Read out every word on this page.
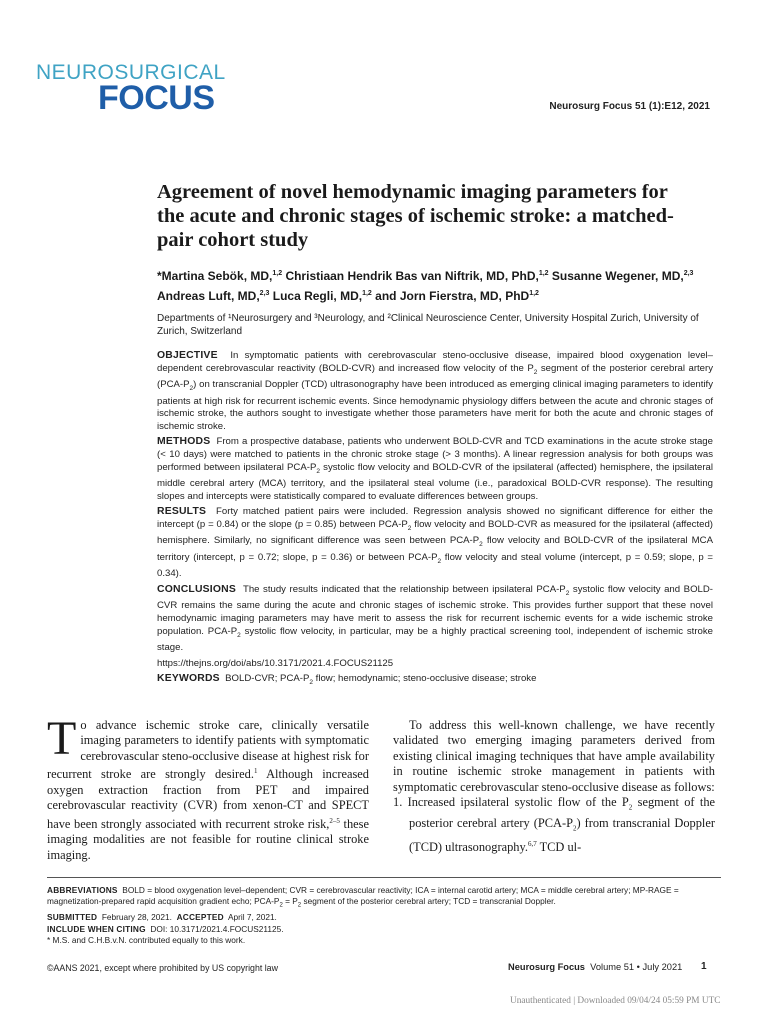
NEUROSURGICAL
FOCUS	Neurosurg Focus 51 (1):E12, 2021
Agreement of novel hemodynamic imaging parameters for the acute and chronic stages of ischemic stroke: a matched-pair cohort study
*Martina Sebök, MD,$^{1,2}$ Christiaan Hendrik Bas van Niftrik, MD, PhD,$^{1,2}$ Susanne Wegener, MD,$^{2,3}$
Andreas Luft, MD,$^{2,3}$ Luca Regli, MD,$^{1,2}$ and Jorn Fierstra, MD, PhD$^{1,2}$
Departments of ¹Neurosurgery and ³Neurology, and ²Clinical Neuroscience Center, University Hospital Zurich, University of Zurich, Switzerland

OBJECTIVE In symptomatic patients with cerebrovascular steno-occlusive disease, impaired blood oxygenation level–dependent cerebrovascular reactivity (BOLD-CVR) and increased flow velocity of the $P_2$ segment of the posterior cerebral artery $(PCA-P_2)$ on transcranial Doppler (TCD) ultrasonography have been introduced as emerging clinical imaging parameters to identify patients at high risk for recurrent ischemic events. Since hemodynamic physiology differs between the acute and chronic stages of ischemic stroke, the authors sought to investigate whether those parameters have merit for both the acute and chronic stages of ischemic stroke.

METHODS From a prospective database, patients who underwent BOLD-CVR and TCD examinations in the acute stroke stage (< 10 days) were matched to patients in the chronic stroke stage (> 3 months). A linear regression analysis for both groups was performed between ipsilateral PCA-$P_2$ systolic flow velocity and BOLD-CVR of the ipsilateral (affected) hemisphere, the ipsilateral middle cerebral artery (MCA) territory, and the ipsilateral steal volume (i.e., paradoxical BOLD-CVR response). The resulting slopes and intercepts were statistically compared to evaluate differences between groups.

RESULTS Forty matched patient pairs were included. Regression analysis showed no significant difference for either the intercept (p = 0.84) or the slope (p = 0.85) between PCA-$P_2$ flow velocity and BOLD-CVR as measured for the ipsilateral (affected) hemisphere. Similarly, no significant difference was seen between PCA-$P_2$ flow velocity and BOLD-CVR of the ipsilateral MCA territory (intercept, p = 0.72; slope, p = 0.36) or between PCA-$P_2$ flow velocity and steal volume (intercept, p = 0.59; slope, p = 0.34).

CONCLUSIONS The study results indicated that the relationship between ipsilateral PCA-$P_2$ systolic flow velocity and BOLD-CVR remains the same during the acute and chronic stages of ischemic stroke. This provides further support that these novel hemodynamic imaging parameters may have merit to assess the risk for recurrent ischemic events for a wide ischemic stroke population. PCA-$P_2$ systolic flow velocity, in particular, may be a highly practical screening tool, independent of ischemic stroke stage.

https://thejns.org/doi/abs/10.3171/2021.4.FOCUS21125

KEYWORDS BOLD-CVR; PCA-$P_2$ flow; hemodynamic; steno-occlusive disease; stroke

To advance ischemic stroke care, clinically versatile imaging parameters to identify patients with symptomatic cerebrovascular steno-occlusive disease at highest risk for recurrent stroke are strongly desired.$^1$ Although increased oxygen extraction fraction from PET and impaired cerebrovascular reactivity (CVR) from xenon-CT and SPECT have been strongly associated with recurrent stroke risk,$^{2-5}$ these imaging modalities are not feasible for routine clinical stroke imaging.

To address this well-known challenge, we have recently validated two emerging imaging parameters derived from existing clinical imaging techniques that have ample availability in routine ischemic stroke management in patients with symptomatic cerebrovascular steno-occlusive disease as follows:

1. Increased ipsilateral systolic flow of the $P_2$ segment of the posterior cerebral artery $(PCA-P_2)$ from transcranial Doppler (TCD) ultrasonography.$^{6,7}$ TCD ul-

ABBREVIATIONS BOLD = blood oxygenation level–dependent; CVR = cerebrovascular reactivity; ICA = internal carotid artery; MCA = middle cerebral artery; MP-RAGE = magnetization-prepared rapid acquisition gradient echo; PCA-$P_2 = P_2$ segment of the posterior cerebral artery; TCD = transcranial Doppler.

SUBMITTED February 28, 2021. ACCEPTED April 7, 2021.

INCLUDE WHEN CITING DOI: 10.3171/2021.4.FOCUS21125.

* M.S. and C.H.B.v.N. contributed equally to this work.

©AANS 2021, except where prohibited by US copyright law	Neurosurg Focus Volume 51 • July 2021 1
Unauthenticated | Downloaded 09/04/24 05:59 PM UTC
